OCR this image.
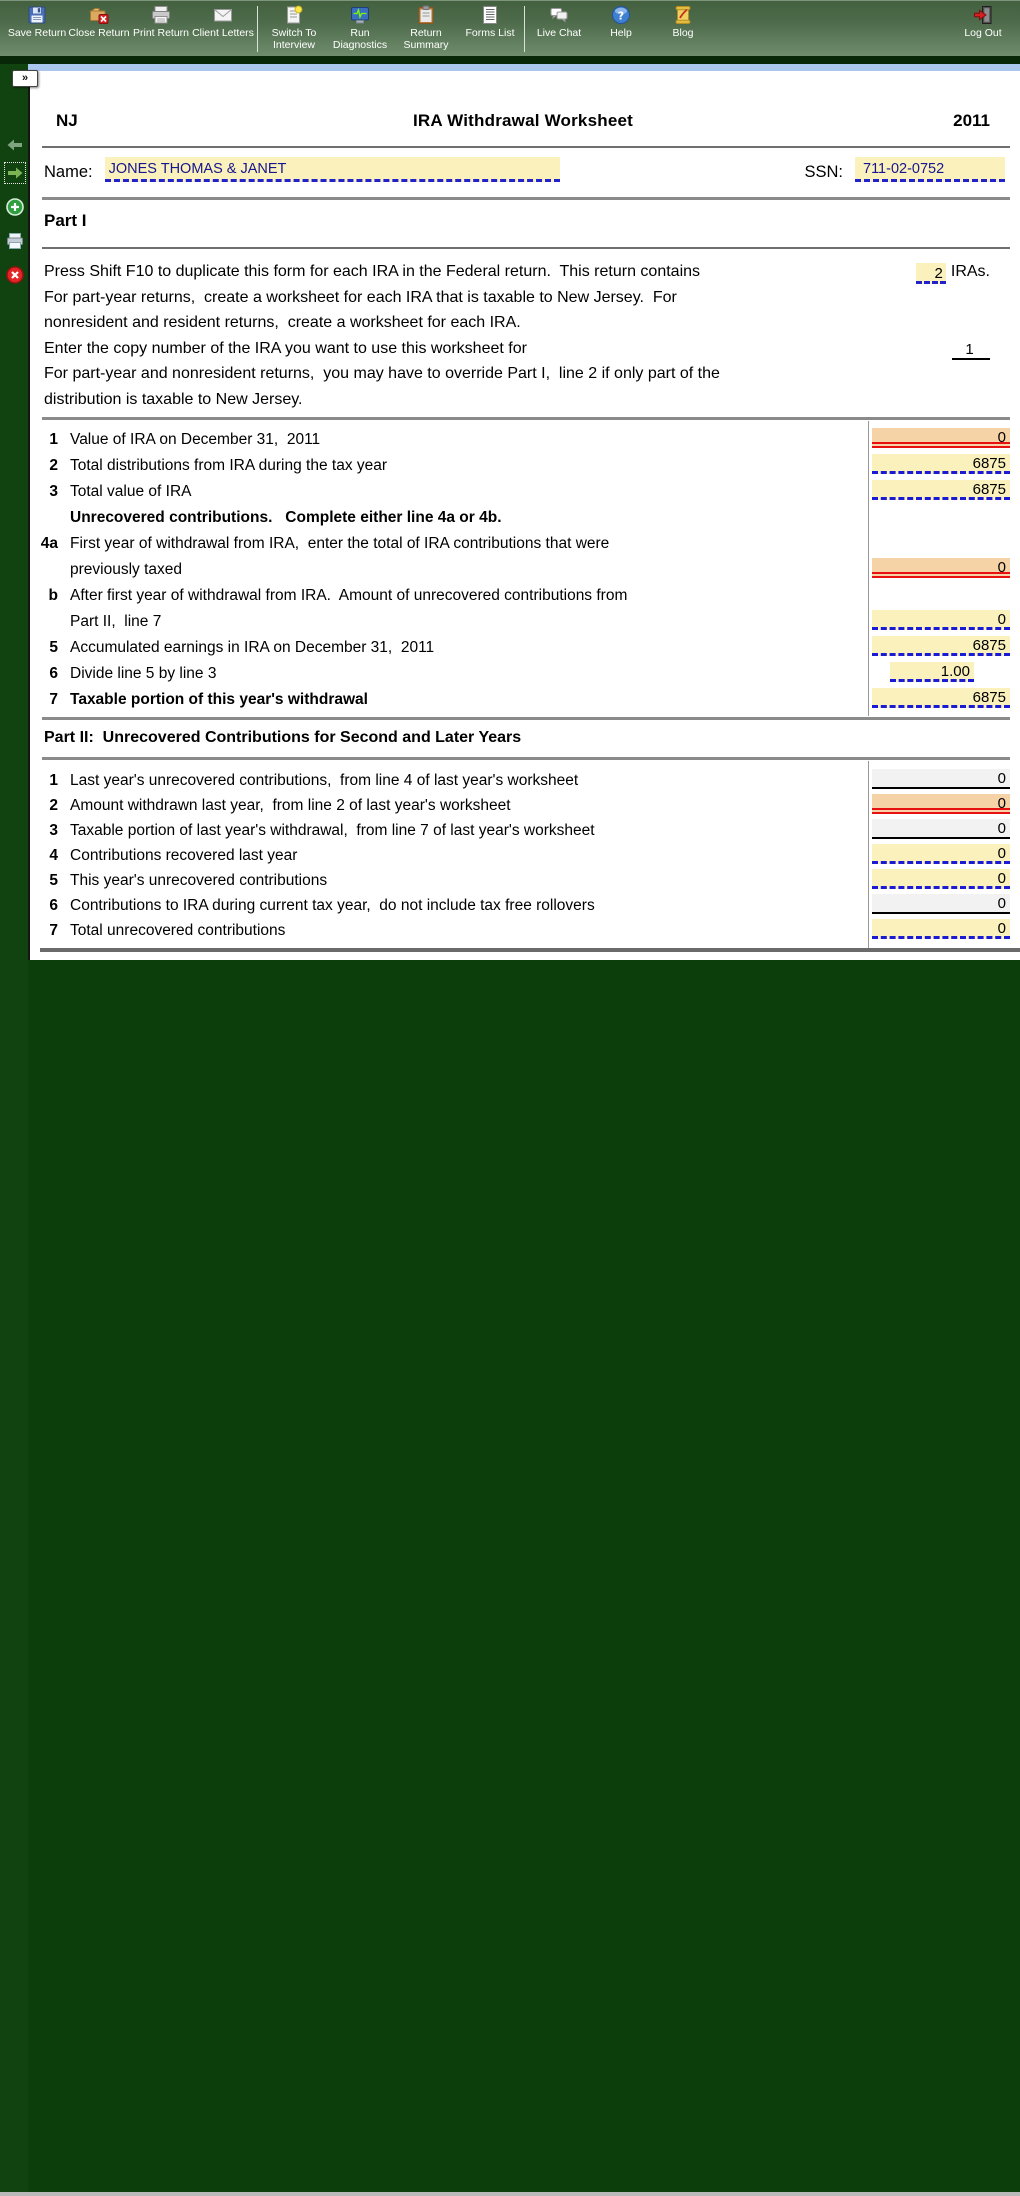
Save Return Close Return Print Return Client Letters	Switch To Interview
Run Diagnostics
Return Summary
Forms List Live Chat
?
Help	Blog	Log Out
»
NJ	IRA Withdrawal Worksheet	2011
Name: JONES THOMAS & JANET	SSN:	711-02-0752
Part I
Press Shift F10 to duplicate this form for each IRA in the Federal return.  This return contains	2 IRAs.
For part-year returns,  create a worksheet for each IRA that is taxable to New Jersey.  For
nonresident and resident returns,  create a worksheet for each IRA.
Enter the copy number of the IRA you want to use this worksheet for	1
For part-year and nonresident returns,  you may have to override Part I,  line 2 if only part of the
distribution is taxable to New Jersey.
1 Value of IRA on December 31,  2011	0
2 Total distributions from IRA during the tax year	6875
3 Total value of IRA	6875
Unrecovered contributions.   Complete either line 4a or 4b.
4a First year of withdrawal from IRA,  enter the total of IRA contributions that were
previously taxed	0
b After first year of withdrawal from IRA.  Amount of unrecovered contributions from
Part II,  line 7	0
5 Accumulated earnings in IRA on December 31,  2011	6875
6 Divide line 5 by line 3	1.00
7 Taxable portion of this year's withdrawal	6875
Part II:  Unrecovered Contributions for Second and Later Years
1 Last year's unrecovered contributions,  from line 4 of last year's worksheet	0
2 Amount withdrawn last year,  from line 2 of last year's worksheet	0
3 Taxable portion of last year's withdrawal,  from line 7 of last year's worksheet	0
4 Contributions recovered last year	0
5 This year's unrecovered contributions	0
6 Contributions to IRA during current tax year,  do not include tax free rollovers	0
7 Total unrecovered contributions	0
